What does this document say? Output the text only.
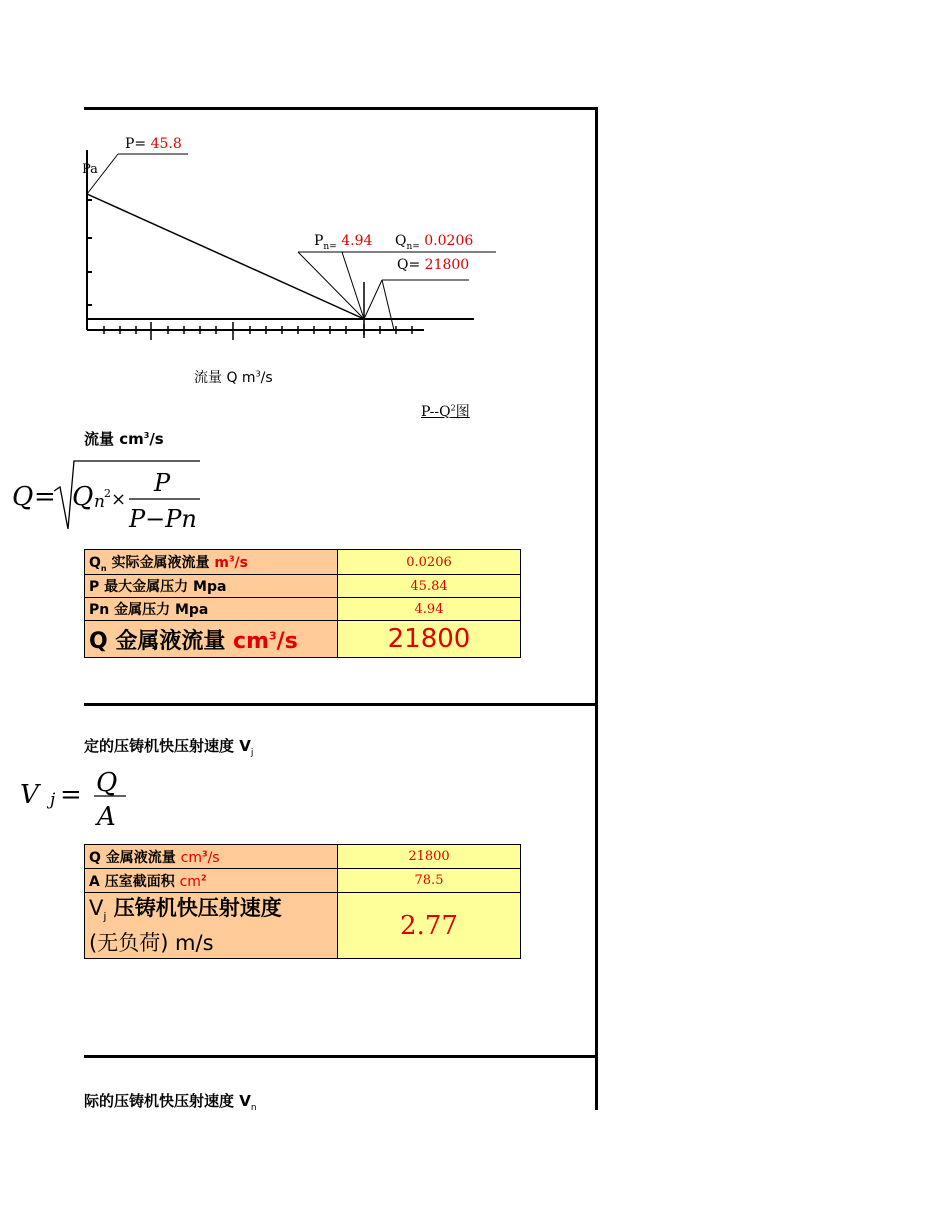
P= 45.8
Pa
$P_{n=}$ 4.94 $Q_{n=}$ 0.0206
Q= 21800
流量 Q $m^3/s$
$P--Q^2$图
流量 $cm^3/s$
Q = Q n 2 ×
P
P−Pn
$Q_n$ 实际金属液流量 $m^3/s$	0.0206
P 最大金属压力 Mpa	45.84
Pn 金属压力 Mpa	4.94
Q 金属液流量 $cm^3/s$	21800
定的压铸机快压射速度 $V_j$
V j = Q
A
Q 金属液流量 $cm^3/s$	21800
A 压室截面积 $cm^2$	78.5

$V_j$ 压铸机快压射速度
(无负荷) m/s	2.77
际的压铸机快压射速度 $V_n$
